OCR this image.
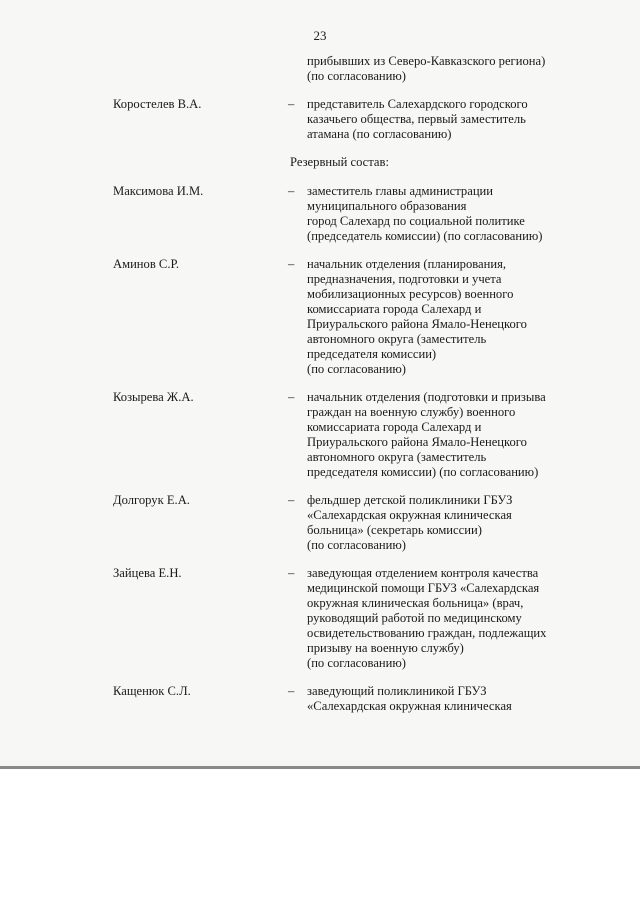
23
прибывших из Северо-Кавказского региона)
(по согласованию)
Коростелев В.А.	– представитель Салехардского городского
казачьего общества, первый заместитель
атамана (по согласованию)
Резервный состав:
Максимова И.М.	– заместитель главы администрации
муниципального образования
город Салехард по социальной политике
(председатель комиссии) (по согласованию)
Аминов С.Р.	– начальник отделения (планирования,
предназначения, подготовки и учета
мобилизационных ресурсов) военного
комиссариата города Салехард и
Приуральского района Ямало-Ненецкого
автономного округа (заместитель
председателя комиссии)
(по согласованию)
Козырева Ж.А.	– начальник отделения (подготовки и призыва
граждан на военную службу) военного
комиссариата города Салехард и
Приуральского района Ямало-Ненецкого
автономного округа (заместитель
председателя комиссии) (по согласованию)
Долгорук Е.А.	– фельдшер детской поликлиники ГБУЗ
«Салехардская окружная клиническая
больница» (секретарь комиссии)
(по согласованию)
Зайцева Е.Н.	– заведующая отделением контроля качества
медицинской помощи ГБУЗ «Салехардская
окружная клиническая больница» (врач,
руководящий работой по медицинскому
освидетельствованию граждан, подлежащих
призыву на военную службу)
(по согласованию)
Кащенюк С.Л.	– заведующий поликлиникой ГБУЗ
«Салехардская окружная клиническая
